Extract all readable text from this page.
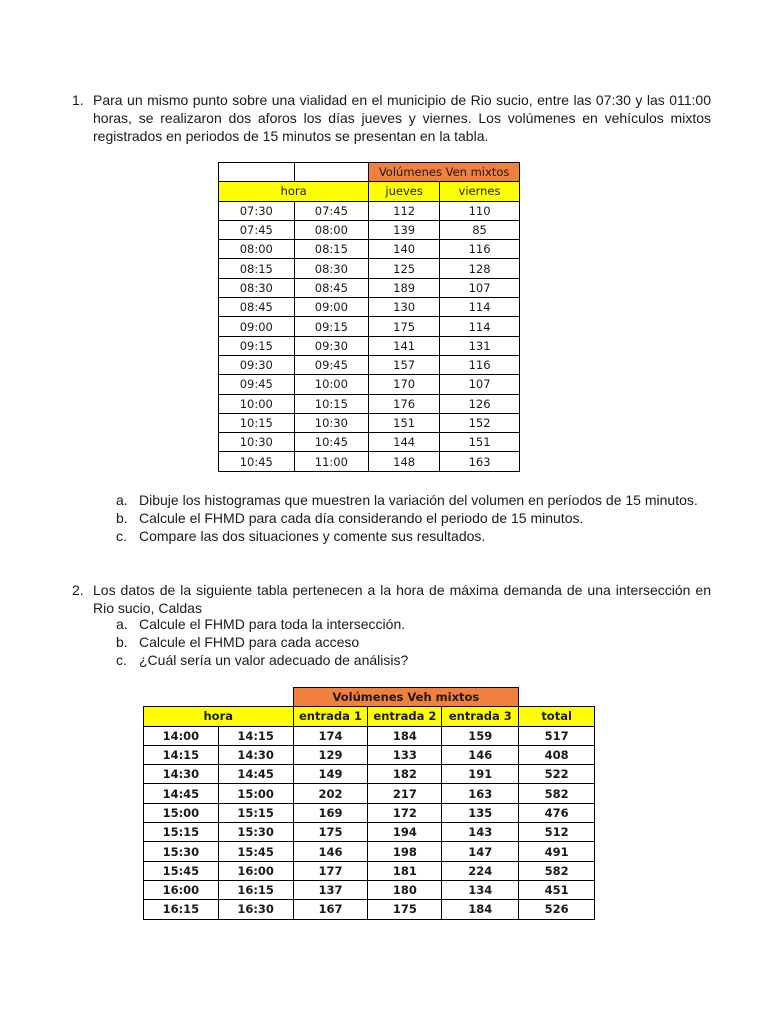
1. Para un mismo punto sobre una vialidad en el municipio de Rio sucio, entre las 07:30 y las 011:00 horas, se realizaron dos aforos los días jueves y viernes. Los volúmenes en vehículos mixtos registrados en periodos de 15 minutos se presentan en la tabla.
		Volúmenes Ven mixtos	
hora		jueves	viernes
07:30	07:45	112	110
07:45	08:00	139	85
08:00	08:15	140	116
08:15	08:30	125	128
08:30	08:45	189	107
08:45	09:00	130	114
09:00	09:15	175	114
09:15	09:30	141	131
09:30	09:45	157	116
09:45	10:00	170	107
10:00	10:15	176	126
10:15	10:30	151	152
10:30	10:45	144	151
10:45	11:00	148	163
a. Dibuje los histogramas que muestren la variación del volumen en períodos de 15 minutos.
b. Calcule el FHMD para cada día considerando el periodo de 15 minutos.
c. Compare las dos situaciones y comente sus resultados.
2. Los datos de la siguiente tabla pertenecen a la hora de máxima demanda de una intersección en Rio sucio, Caldas
a. Calcule el FHMD para toda la intersección.
b. Calcule el FHMD para cada acceso
c. ¿Cuál sería un valor adecuado de análisis?
		Volúmenes Veh mixtos			
hora		entrada 1	entrada 2	entrada 3	total
14:00	14:15	174	184	159	517
14:15	14:30	129	133	146	408
14:30	14:45	149	182	191	522
14:45	15:00	202	217	163	582
15:00	15:15	169	172	135	476
15:15	15:30	175	194	143	512
15:30	15:45	146	198	147	491
15:45	16:00	177	181	224	582
16:00	16:15	137	180	134	451
16:15	16:30	167	175	184	526
